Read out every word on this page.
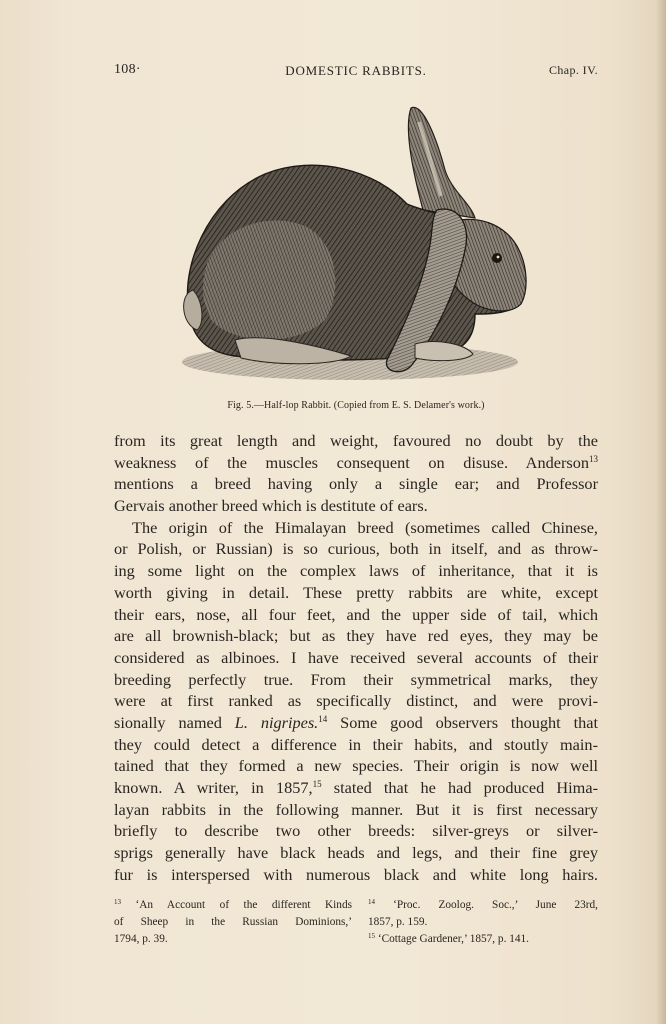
108·	DOMESTIC RABBITS.	Chap. IV.
Fig. 5.—Half-lop Rabbit. (Copied from E. S. Delamer's work.)
from its great length and weight, favoured no doubt by the
weakness of the muscles consequent on disuse. Anderson$^{13}$
mentions a breed having only a single ear; and Professor
Gervais another breed which is destitute of ears.
The origin of the Himalayan breed (sometimes called Chinese,
or Polish, or Russian) is so curious, both in itself, and as throw-
ing some light on the complex laws of inheritance, that it is
worth giving in detail. These pretty rabbits are white, except
their ears, nose, all four feet, and the upper side of tail, which
are all brownish-black; but as they have red eyes, they may be
considered as albinoes. I have received several accounts of their
breeding perfectly true. From their symmetrical marks, they
were at first ranked as specifically distinct, and were provi-
sionally named L. nigripes.$^{14}$ Some good observers thought that
they could detect a difference in their habits, and stoutly main-
tained that they formed a new species. Their origin is now well
known. A writer, in 1857,15 stated that he had produced Hima-
layan rabbits in the following manner. But it is first necessary
briefly to describe two other breeds: silver-greys or silver-
sprigs generally have black heads and legs, and their fine grey
fur is interspersed with numerous black and white long hairs.
$^{13}$ ‘An Account of the different Kinds
of Sheep in the Russian Dominions,’
1794, p. 39.
$^{14}$ ‘Proc. Zoolog. Soc.,’ June 23rd,
1857, p. 159.
$^{15}$ ‘Cottage Gardener,’ 1857, p. 141.
